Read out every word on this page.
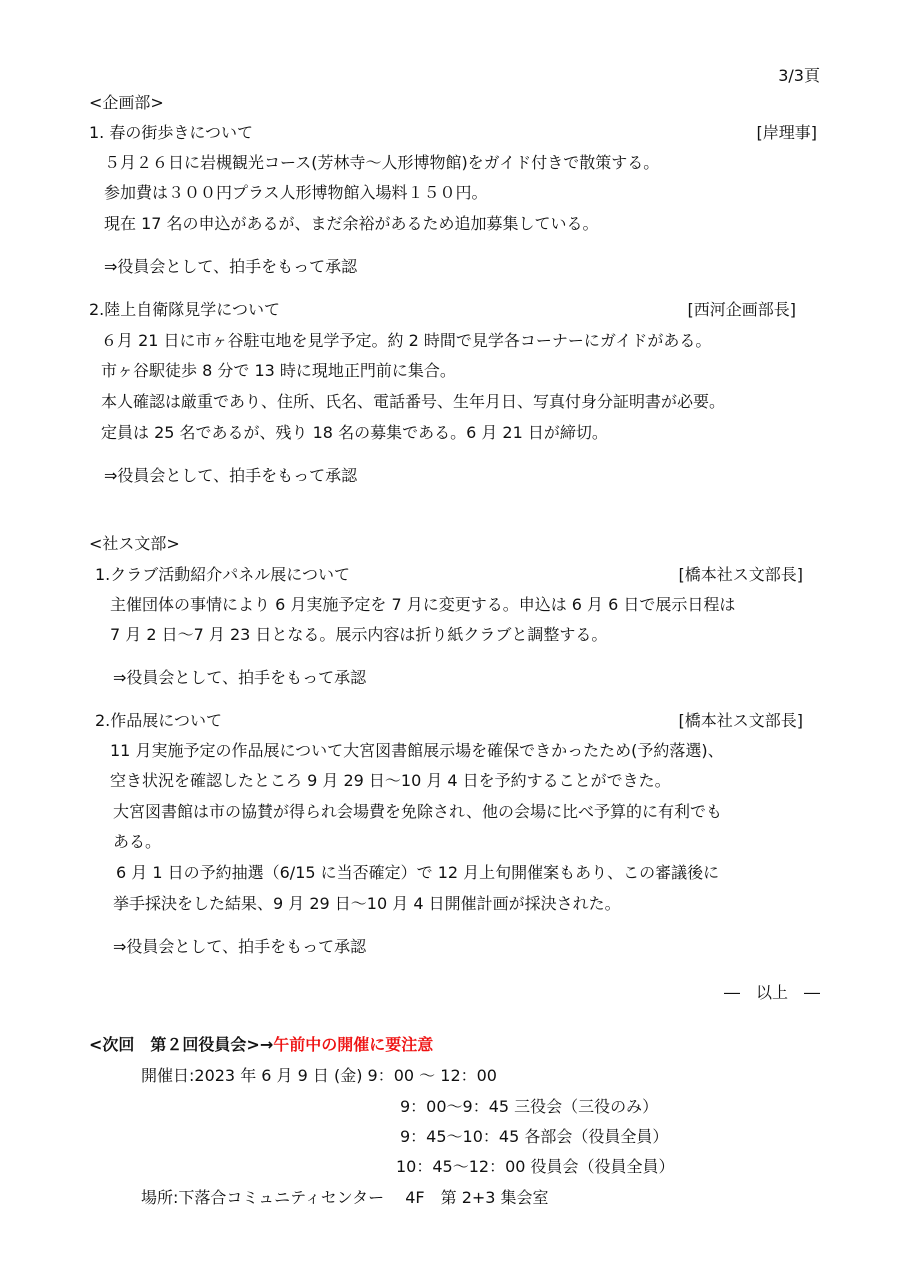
3/3頁
<企画部>
1. 春の街歩きについて	[岸理事]
５月２６日に岩槻観光コース(芳林寺～人形博物館)をガイド付きで散策する。
参加費は３００円プラス人形博物館入場料１５０円。
現在 17 名の申込があるが、まだ余裕があるため追加募集している。
⇒役員会として、拍手をもって承認
2.陸上自衛隊見学について	[西河企画部長]
６月 21 日に市ヶ谷駐屯地を見学予定。約 2 時間で見学各コーナーにガイドがある。
市ヶ谷駅徒歩 8 分で 13 時に現地正門前に集合。
本人確認は厳重であり、住所、氏名、電話番号、生年月日、写真付身分証明書が必要。
定員は 25 名であるが、残り 18 名の募集である。6 月 21 日が締切。
⇒役員会として、拍手をもって承認
<社ス文部>
1.クラブ活動紹介パネル展について	[橋本社ス文部長]
主催団体の事情により 6 月実施予定を 7 月に変更する。申込は 6 月 6 日で展示日程は
7 月 2 日～7 月 23 日となる。展示内容は折り紙クラブと調整する。
⇒役員会として、拍手をもって承認
2.作品展について	[橋本社ス文部長]
11 月実施予定の作品展について大宮図書館展示場を確保できかったため(予約落選)、
空き状況を確認したところ 9 月 29 日～10 月 4 日を予約することができた。
大宮図書館は市の協賛が得られ会場費を免除され、他の会場に比べ予算的に有利でも
ある。
6 月 1 日の予約抽選（6/15 に当否確定）で 12 月上旬開催案もあり、この審議後に
挙手採決をした結果、9 月 29 日～10 月 4 日開催計画が採決された。
⇒役員会として、拍手をもって承認
―　以上　―
<次回　第２回役員会>→午前中の開催に要注意
開催日:2023 年 6 月 9 日 (金) 9：00 ～ 12：00
9：00～9：45 三役会（三役のみ）
9：45～10：45 各部会（役員全員）
10：45～12：00 役員会（役員全員）
場所:下落合コミュニティセンター　 4F　第 2+3 集会室
